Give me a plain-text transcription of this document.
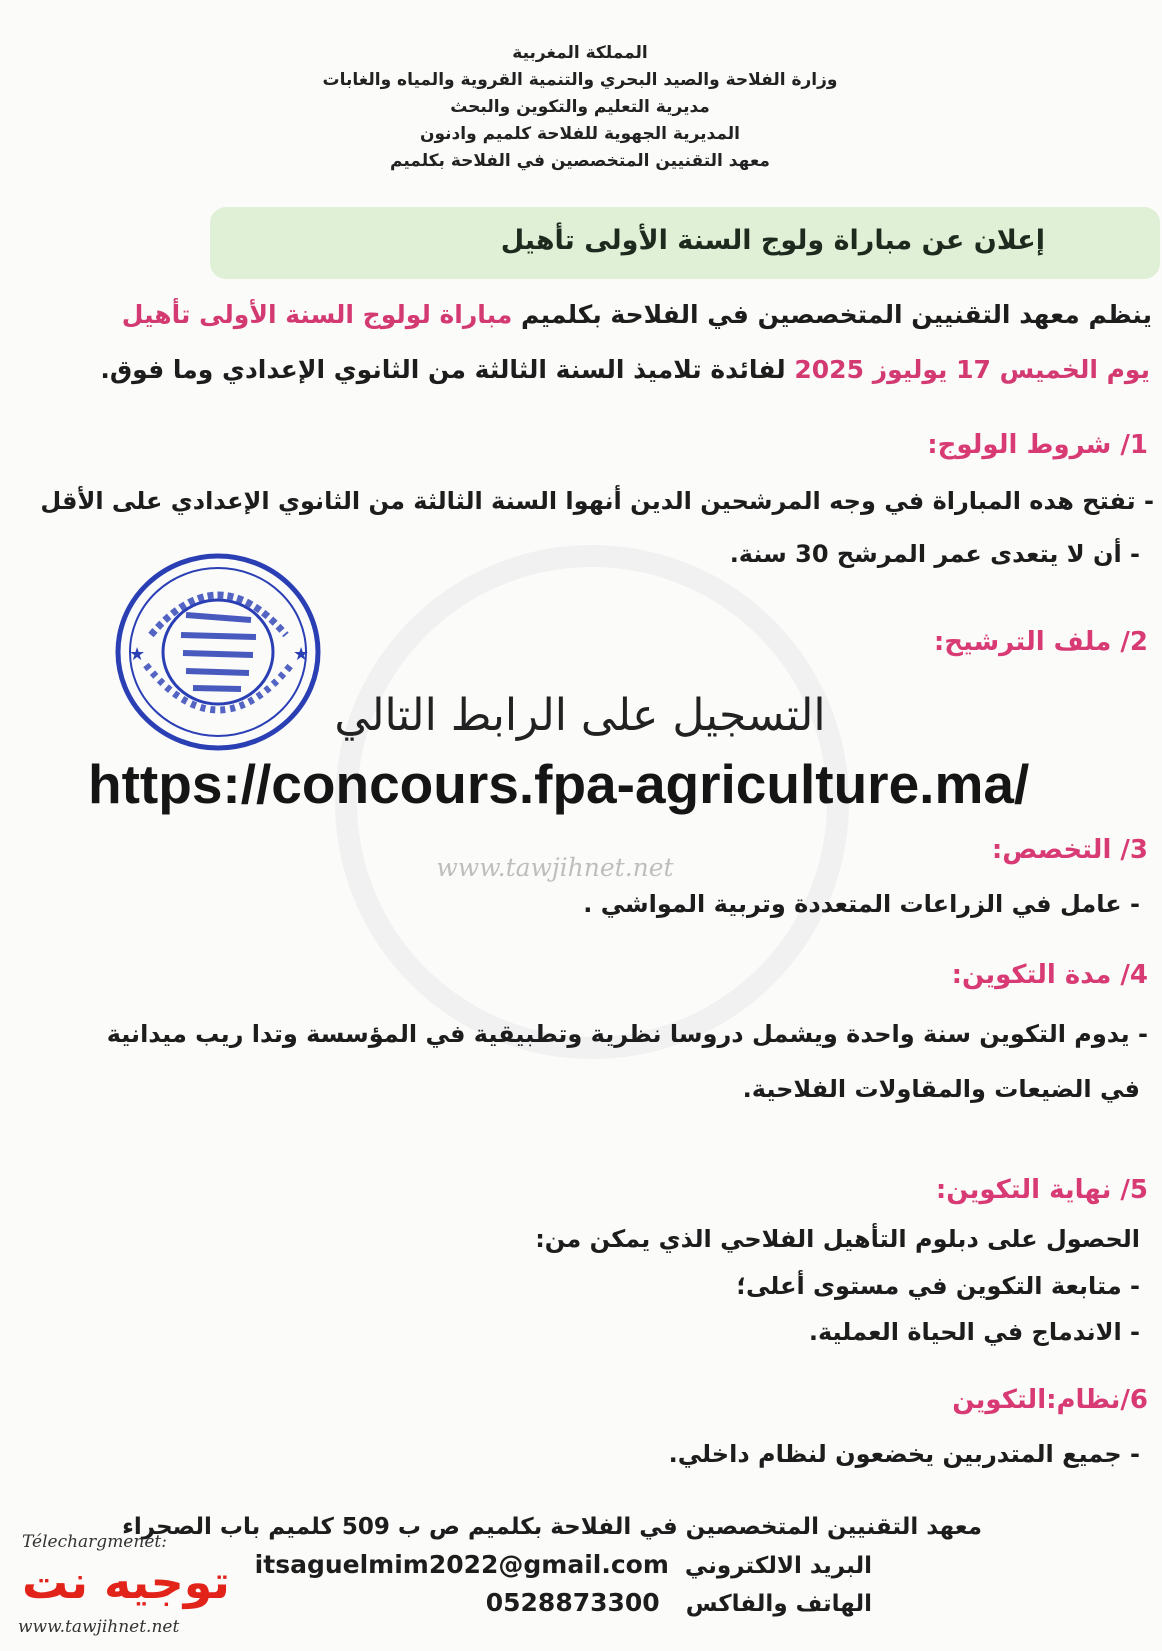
www.tawjihnet.net
المملكة المغربية
وزارة الفلاحة والصيد البحري والتنمية القروية والمياه والغابات
مديرية التعليم والتكوين والبحث
المديرية الجهوية للفلاحة كلميم وادنون
معهد التقنيين المتخصصين في الفلاحة بكلميم
إعلان عن مباراة ولوج السنة الأولى تأهيل
ينظم معهد التقنيين المتخصصين في الفلاحة بكلميم مباراة لولوج السنة الأولى تأهيل
يوم الخميس 17 يوليوز 2025 لفائدة تلاميذ السنة الثالثة من الثانوي الإعدادي وما فوق.
1/ شروط الولوج:
- تفتح هده المباراة في وجه المرشحين الدين أنهوا السنة الثالثة من الثانوي الإعدادي على الأقل
- أن لا يتعدى عمر المرشح 30 سنة.
2/ ملف الترشيح:
التسجيل على الرابط التالي
https://concours.fpa-agriculture.ma/
★	★
3/ التخصص:
- عامل في الزراعات المتعددة وتربية المواشي .
4/ مدة التكوين:
- يدوم التكوين سنة واحدة ويشمل دروسا نظرية وتطبيقية في المؤسسة وتدا ريب ميدانية
في الضيعات والمقاولات الفلاحية.
5/ نهاية التكوين:
الحصول على دبلوم التأهيل الفلاحي الذي يمكن من:
- متابعة التكوين في مستوى أعلى؛
- الاندماج في الحياة العملية.
6/نظام:التكوين
- جميع المتدربين يخضعون لنظام داخلي.
معهد التقنيين المتخصصين في الفلاحة بكلميم ص ب 509 كلميم باب الصحراء
البريد الالكتروني itsaguelmim2022@gmail.com
الهاتف والفاكس 0528873300
Télechargmenet:
توجيه نت
www.tawjihnet.net
